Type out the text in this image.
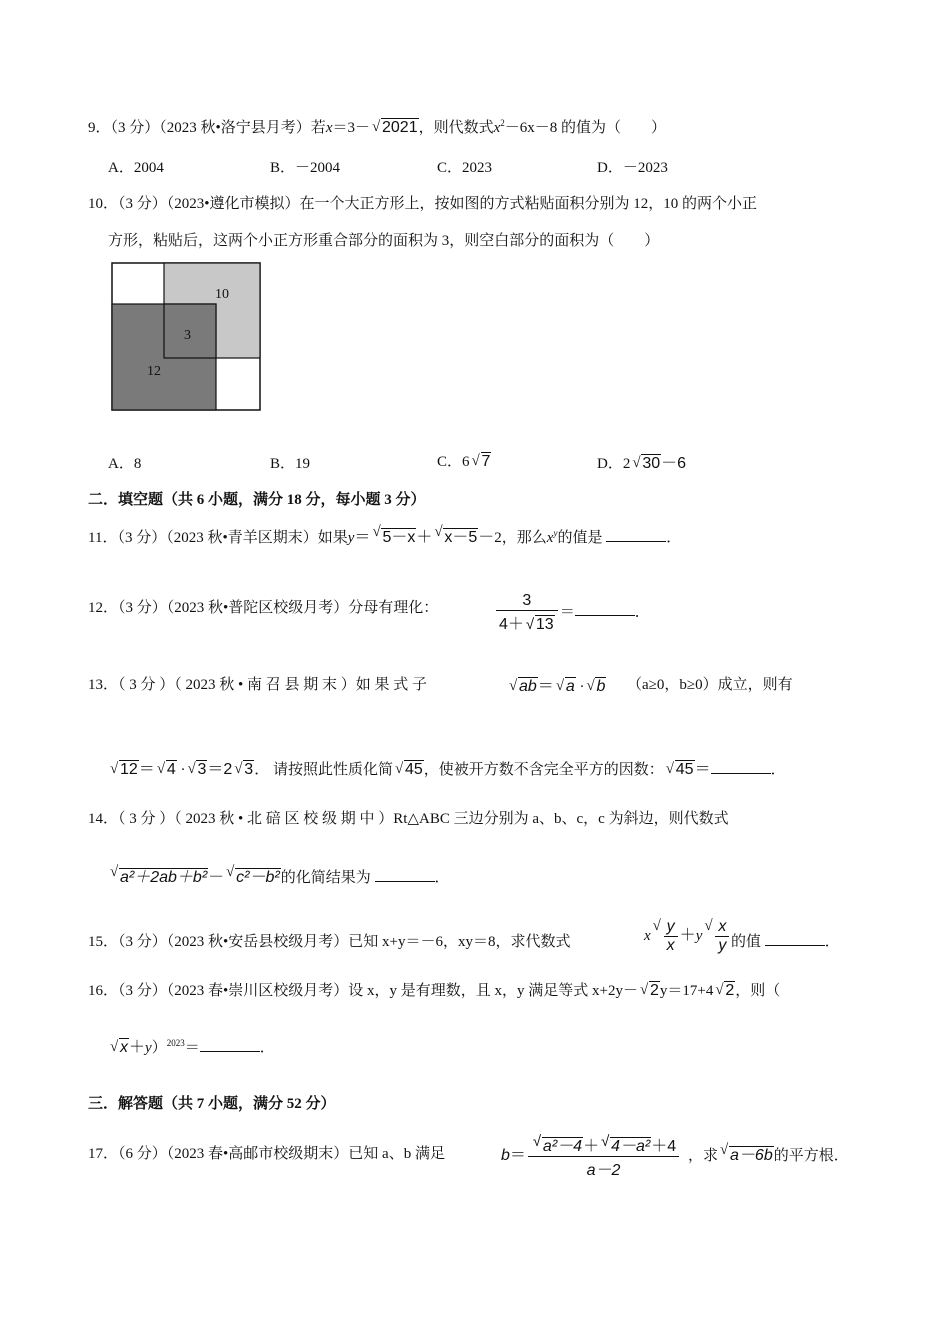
9．（3 分）（2023 秋•洛宁县月考）若x＝3－ √ 2021，则代数式$x^2-6x-8$ 的值为（　　）
A．2004	B．－2004	C．2023	D．－2023
10．（3 分）（2023•遵化市模拟）在一个大正方形上，按如图的方式粘贴面积分别为 12，10 的两个小正
方形，粘贴后，这两个小正方形重合部分的面积为 3，则空白部分的面积为（　　）
10
3
12
A．8	B．19	C．6 √ 7	D．2 √ 30－6
二．填空题（共 6 小题，满分 18 分，每小题 3 分）
11．（3 分）（2023 秋•青羊区期末）如果y＝ √ 5－x＋ √ x－5－2，那么$x^y$的值是	．
12．（3 分）（2023 秋•普陀区校级月考）分母有理化：	$\frac{3}{4+ √ 13}$ ＝	．
13．（ 3 分 ）（ 2023 秋 • 南 召 县 期 末 ）如 果 式 子	√ ab＝ √ a · √ b （a≥0，b≥0）成立，则有
√ 12＝ √ 4 · √ 3＝2 √ 3． 请按照此性质化简 √ 45，使被开方数不含完全平方的因数： √ 45＝	．
14．（ 3 分 ）（ 2023 秋 • 北 碚 区 校 级 期 中 ）Rt△ABC 三边分别为 a、b、c，c 为斜边，则代数式
√ a²＋2ab＋b²－ √ c²－b²的化简结果为	．
15．（3 分）（2023 秋•安岳县校级月考）已知 x+y＝－6，xy＝8，求代数式	x
√ $\frac{y}{x} +y$
√ $\frac{x}{y}$ 的值	．
16．（3 分）（2023 春•崇川区校级月考）设 x，y 是有理数，且 x，y 满足等式 x+2y－ √ 2y＝17+4 √ 2，则（
√ x＋y）$^{2023}$＝	．
三．解答题（共 7 小题，满分 52 分）
17．（6 分）（2023 春•高邮市校级期末）已知 a、b 满足	$b= \frac{\text{√ a²－4＋ √ 4－a²＋4}}{a-2}$ ，求 √ a－6b的平方根．
